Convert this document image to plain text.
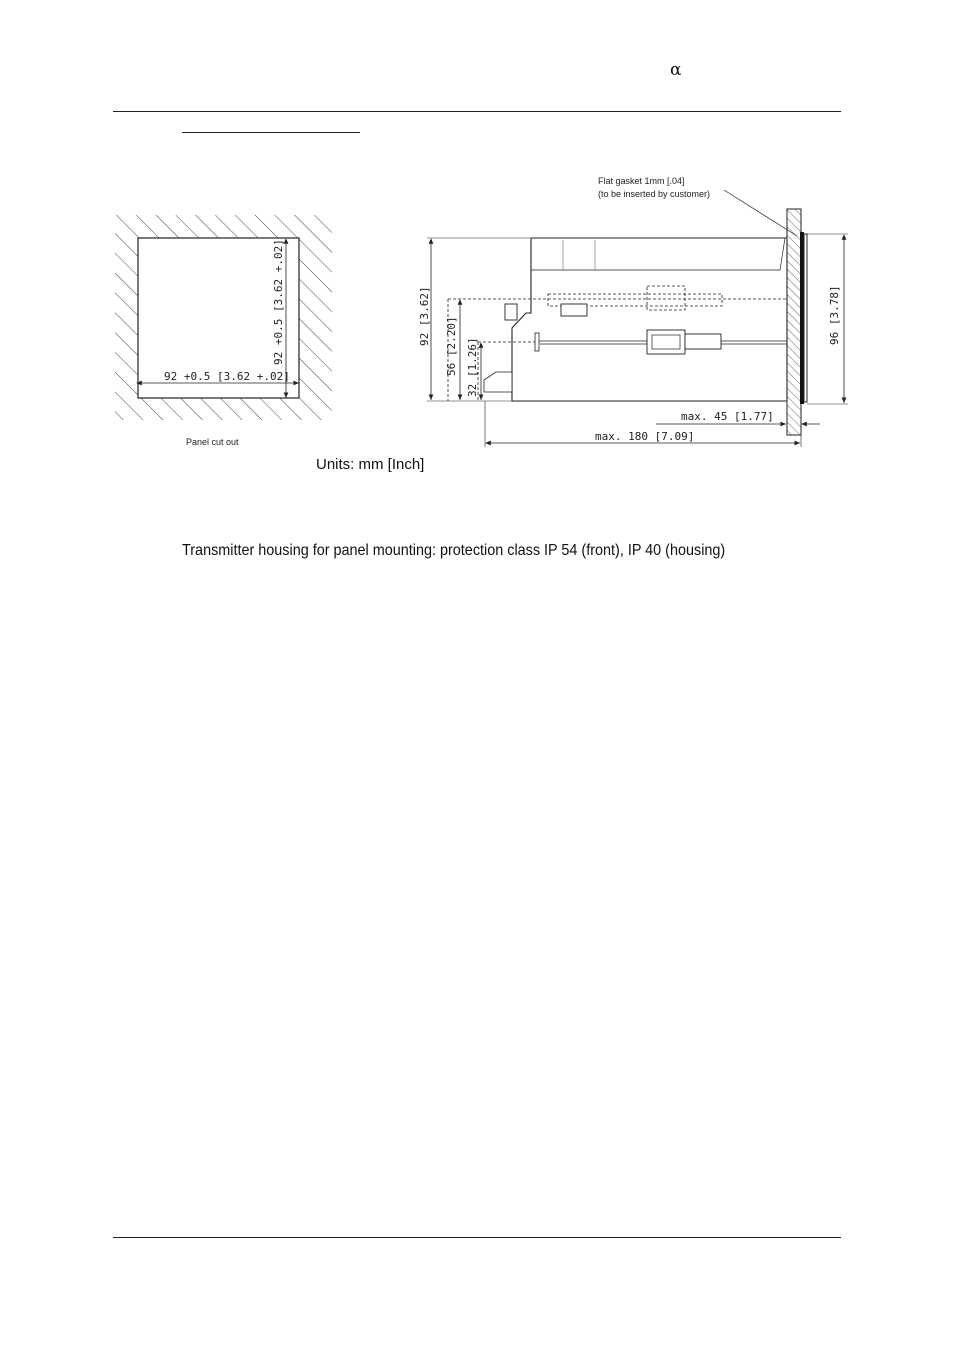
α
92 +0.5 [3.62 +.02]
92 +0.5 [3.62 +.02]
Panel cut out
92 [3.62]
56 [2.20] 32 [1.26]
96 [3.78]
max. 45 [1.77]
max. 180 [7.09]
Flat gasket 1mm [.04]
(to be inserted by customer)
Units: mm [Inch]
Transmitter housing for panel mounting: protection class IP 54 (front), IP 40 (housing)
